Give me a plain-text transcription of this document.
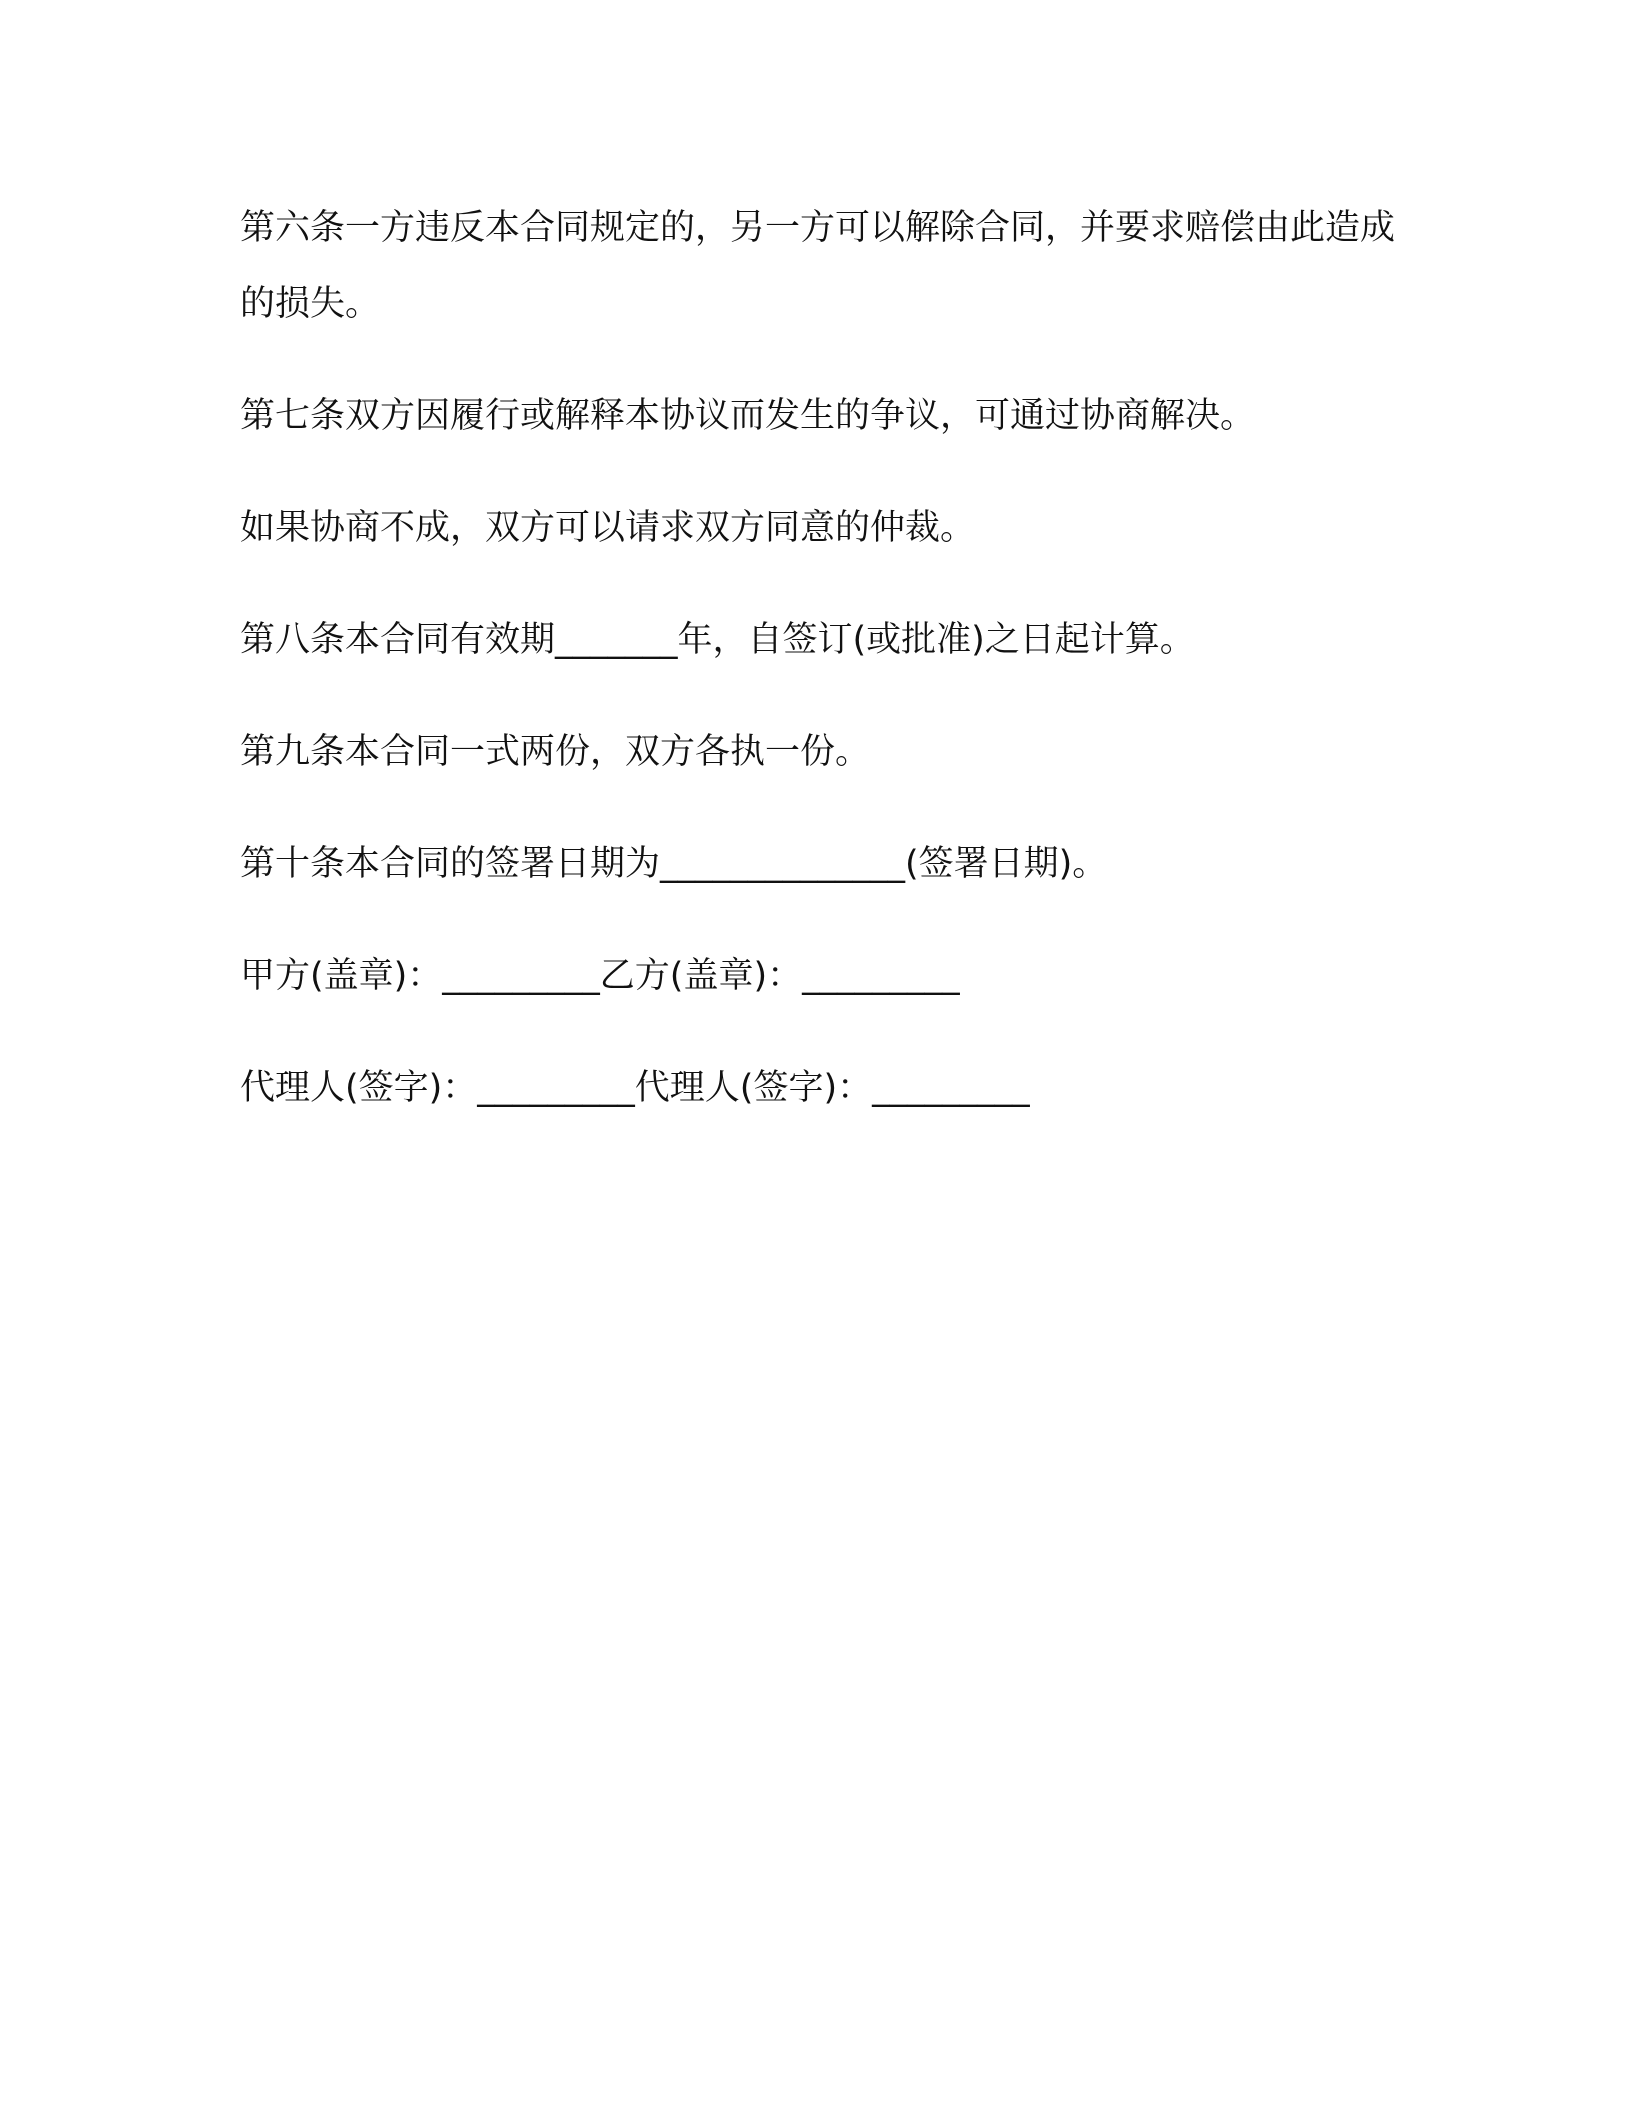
第六条一方违反本合同规定的，另一方可以解除合同，并要求赔偿由此造成的损失。

第七条双方因履行或解释本协议而发生的争议，可通过协商解决。

如果协商不成，双方可以请求双方同意的仲裁。

第八条本合同有效期_______年，自签订(或批准)之日起计算。

第九条本合同一式两份，双方各执一份。

第十条本合同的签署日期为______________(签署日期)。

甲方(盖章)：_________乙方(盖章)：_________

代理人(签字)：_________代理人(签字)：_________
